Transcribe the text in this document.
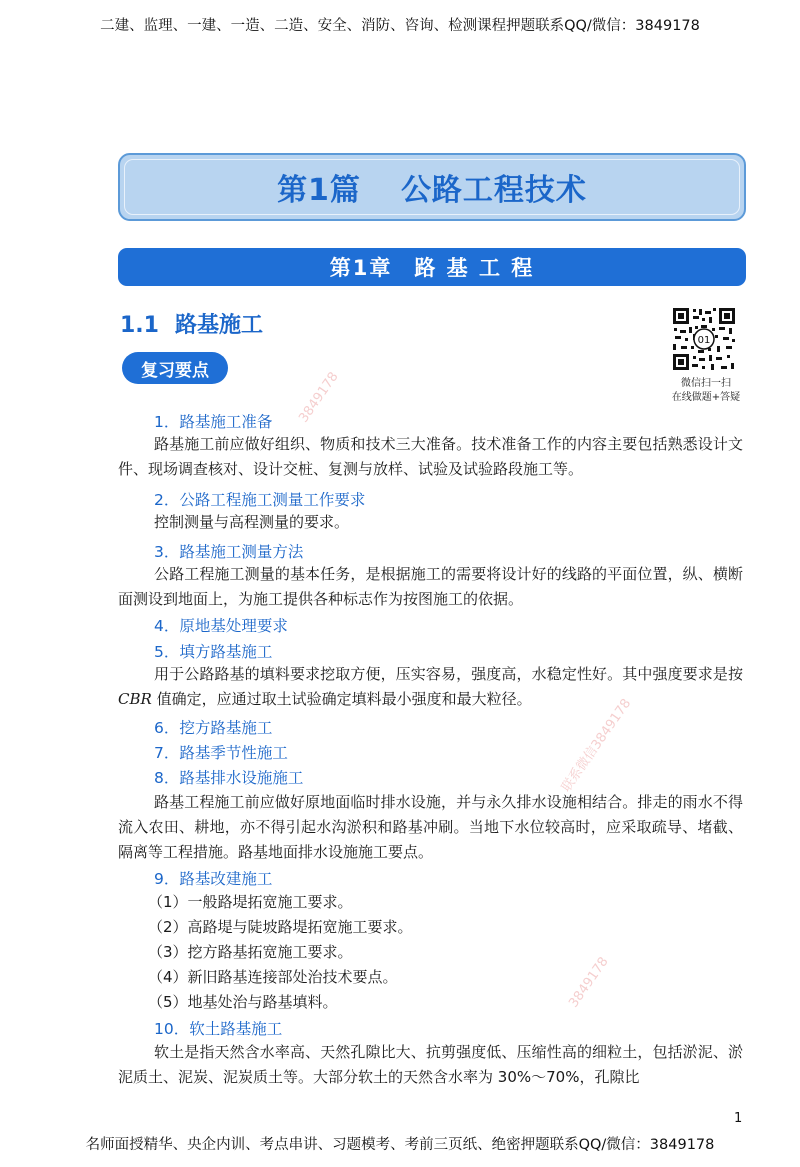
二建、监理、一建、一造、二造、安全、消防、咨询、检测课程押题联系QQ/微信：3849178
第1篇 公路工程技术
第1章 路 基 工 程
1.1 路基施工
复习要点
01
微信扫一扫
在线做题+答疑
3849178
联系微信3849178
3849178
1．路基施工准备
路基施工前应做好组织、物质和技术三大准备。技术准备工作的内容主要包括熟悉设计文件、现场调查核对、设计交桩、复测与放样、试验及试验路段施工等。
2．公路工程施工测量工作要求
控制测量与高程测量的要求。
3．路基施工测量方法
公路工程施工测量的基本任务，是根据施工的需要将设计好的线路的平面位置，纵、横断面测设到地面上，为施工提供各种标志作为按图施工的依据。
4．原地基处理要求
5．填方路基施工
用于公路路基的填料要求挖取方便，压实容易，强度高，水稳定性好。其中强度要求是按 CBR 值确定，应通过取土试验确定填料最小强度和最大粒径。
6．挖方路基施工
7．路基季节性施工
8．路基排水设施施工
路基工程施工前应做好原地面临时排水设施，并与永久排水设施相结合。排走的雨水不得流入农田、耕地，亦不得引起水沟淤积和路基冲刷。当地下水位较高时，应采取疏导、堵截、隔离等工程措施。路基地面排水设施施工要点。
9．路基改建施工
（1）一般路堤拓宽施工要求。
（2）高路堤与陡坡路堤拓宽施工要求。
（3）挖方路基拓宽施工要求。
（4）新旧路基连接部处治技术要点。
（5）地基处治与路基填料。
10．软土路基施工
软土是指天然含水率高、天然孔隙比大、抗剪强度低、压缩性高的细粒土，包括淤泥、淤泥质土、泥炭、泥炭质土等。大部分软土的天然含水率为 30%～70%，孔隙比
1
名师面授精华、央企内训、考点串讲、习题模考、考前三页纸、绝密押题联系QQ/微信：3849178
